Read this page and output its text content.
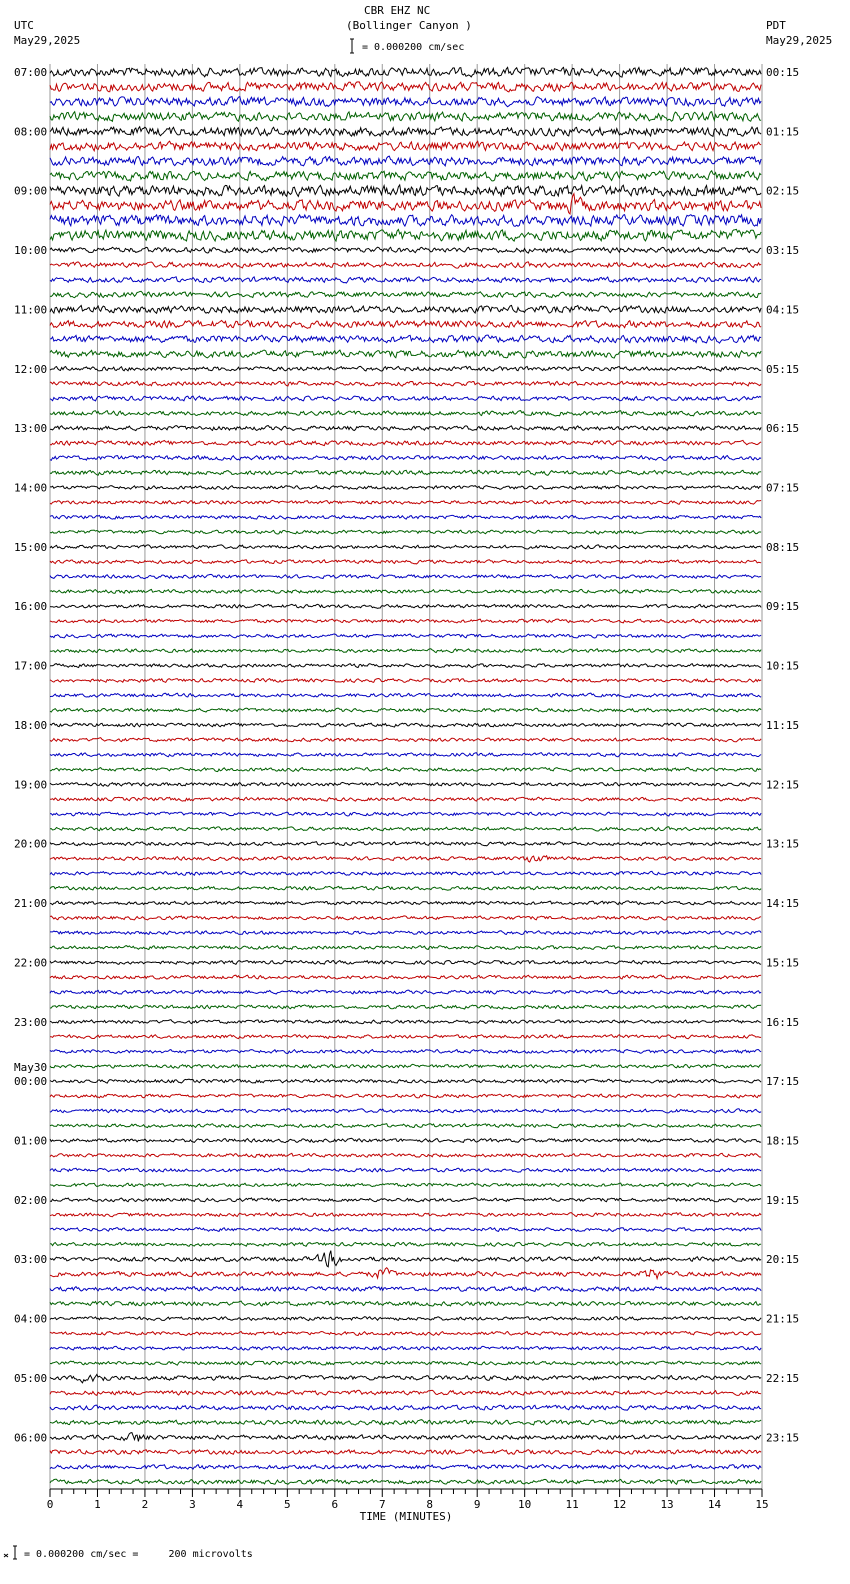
CBR EHZ NC
(Bollinger Canyon )
UTC
May29,2025
PDT
May29,2025
= 0.000200 cm/sec
= 0.000200 cm/sec =     200 microvolts
0	1	2	3	4	5	6	7	8	9	10	11	12	13	14	15
TIME (MINUTES)
07:00
08:00
09:00
10:00
11:00
12:00
13:00
14:00
15:00
16:00
17:00
18:00
19:00
20:00
21:00
22:00
23:00
00:00
May30
01:00
02:00
03:00
04:00
05:00
06:00
00:15
01:15
02:15
03:15
04:15
05:15
06:15
07:15
08:15
09:15
10:15
11:15
12:15
13:15
14:15
15:15
16:15
17:15
18:15
19:15
20:15
21:15
22:15
23:15
